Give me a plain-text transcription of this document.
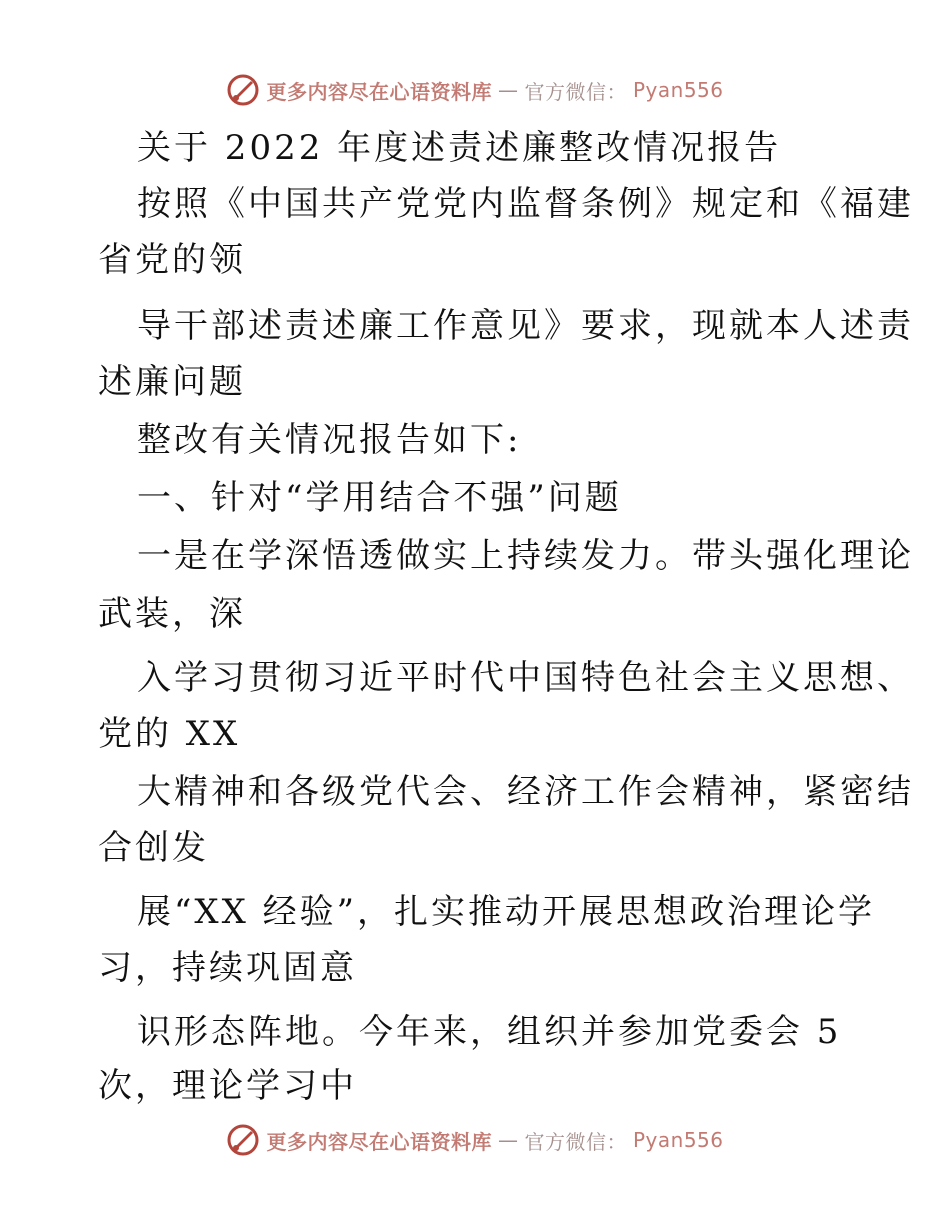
更多内容尽在心语资料库 — 官方微信： Pyan556
关于 2022 年度述责述廉整改情况报告
按照《中国共产党党内监督条例》规定和《福建
省党的领
导干部述责述廉工作意见》要求，现就本人述责
述廉问题
整改有关情况报告如下:
一、针对“学用结合不强”问题
一是在学深悟透做实上持续发力。带头强化理论
武装，深
入学习贯彻习近平时代中国特色社会主义思想、
党的 XX
大精神和各级党代会、经济工作会精神，紧密结
合创发
展“XX 经验”，扎实推动开展思想政治理论学
习，持续巩固意
识形态阵地。今年来，组织并参加党委会 5
次，理论学习中
更多内容尽在心语资料库 — 官方微信： Pyan556
